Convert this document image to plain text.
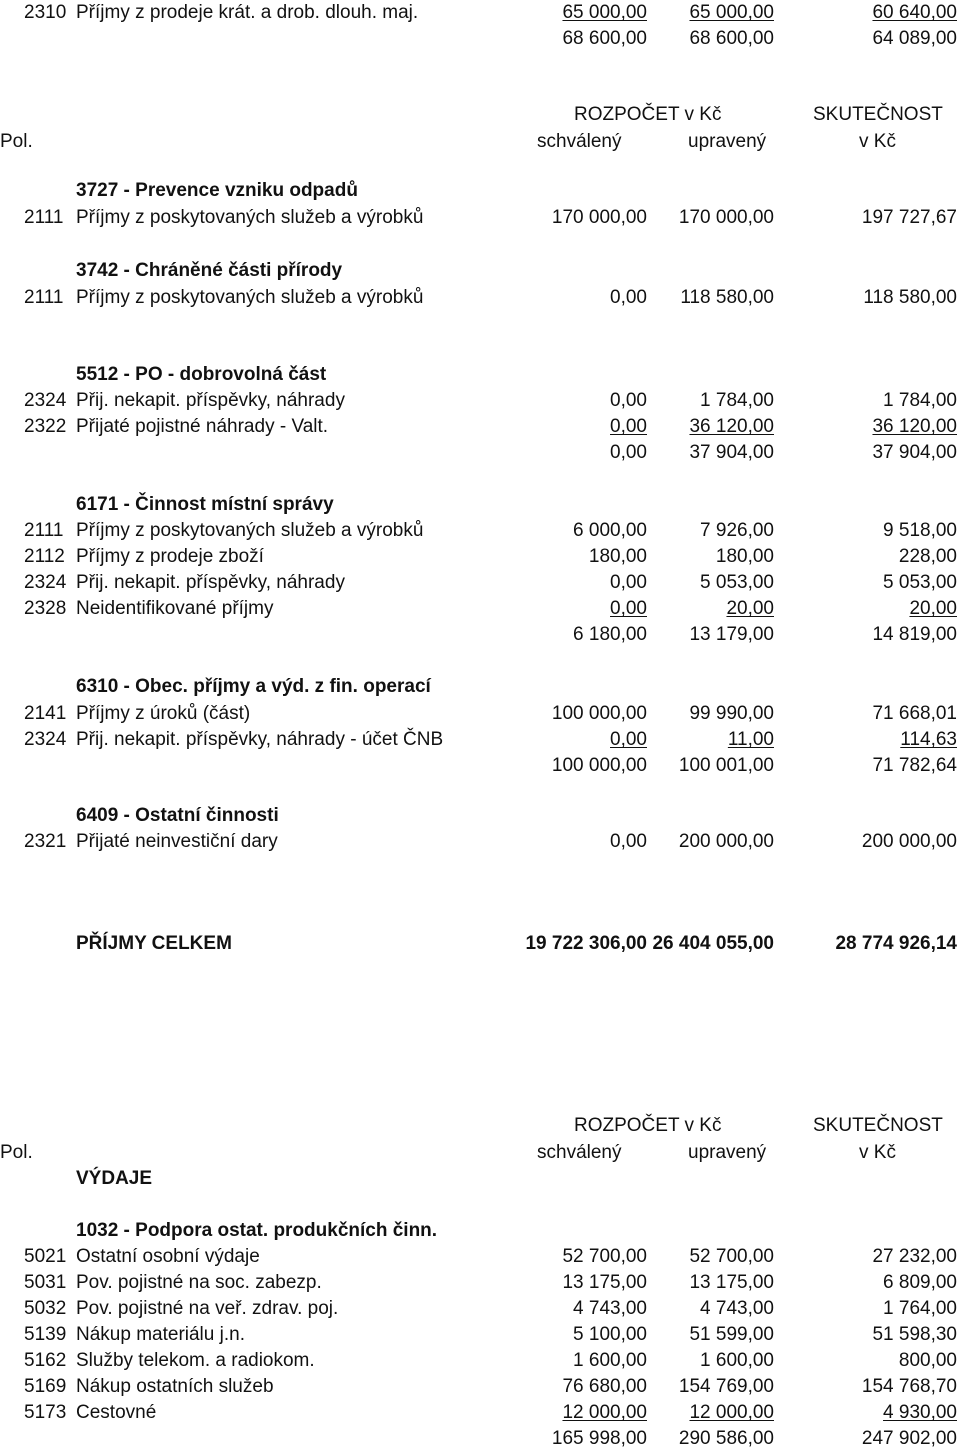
2310 Příjmy z prodeje krát. a drob. dlouh. maj.	65 000,00 65 000,00	60 640,00
68 600,00 68 600,00	64 089,00
ROZPOČET v Kč	SKUTEČNOST
Pol.	schválený	upravený	v Kč
3727 - Prevence vzniku odpadů
2111 Příjmy z poskytovaných služeb a výrobků	170 000,00 170 000,00	197 727,67
3742 - Chráněné části přírody
2111 Příjmy z poskytovaných služeb a výrobků	0,00 118 580,00	118 580,00
5512 - PO - dobrovolná část
2324 Přij. nekapit. příspěvky, náhrady	0,00	1 784,00	1 784,00
2322 Přijaté pojistné náhrady - Valt.	0,00 36 120,00	36 120,00
0,00 37 904,00	37 904,00
6171 - Činnost místní správy
2111 Příjmy z poskytovaných služeb a výrobků	6 000,00	7 926,00	9 518,00
2112 Příjmy z prodeje zboží	180,00	180,00	228,00
2324 Přij. nekapit. příspěvky, náhrady	0,00	5 053,00	5 053,00
2328 Neidentifikované příjmy	0,00	20,00	20,00
6 180,00 13 179,00	14 819,00
6310 - Obec. příjmy a výd. z fin. operací
2141 Příjmy z úroků (část)	100 000,00 99 990,00	71 668,01
2324 Přij. nekapit. příspěvky, náhrady - účet ČNB	0,00	11,00	114,63
100 000,00 100 001,00	71 782,64
6409 - Ostatní činnosti
2321 Přijaté neinvestiční dary	0,00 200 000,00	200 000,00
PŘÍJMY CELKEM	19 722 306,00 26 404 055,00	28 774 926,14
ROZPOČET v Kč	SKUTEČNOST
Pol.	schválený	upravený	v Kč
VÝDAJE
1032 - Podpora ostat. produkčních činn.
5021 Ostatní osobní výdaje	52 700,00 52 700,00	27 232,00
5031 Pov. pojistné na soc. zabezp.	13 175,00 13 175,00	6 809,00
5032 Pov. pojistné na veř. zdrav. poj.	4 743,00	4 743,00	1 764,00
5139 Nákup materiálu j.n.	5 100,00 51 599,00	51 598,30
5162 Služby telekom. a radiokom.	1 600,00	1 600,00	800,00
5169 Nákup ostatních služeb	76 680,00 154 769,00	154 768,70
5173 Cestovné	12 000,00 12 000,00	4 930,00
165 998,00 290 586,00	247 902,00
